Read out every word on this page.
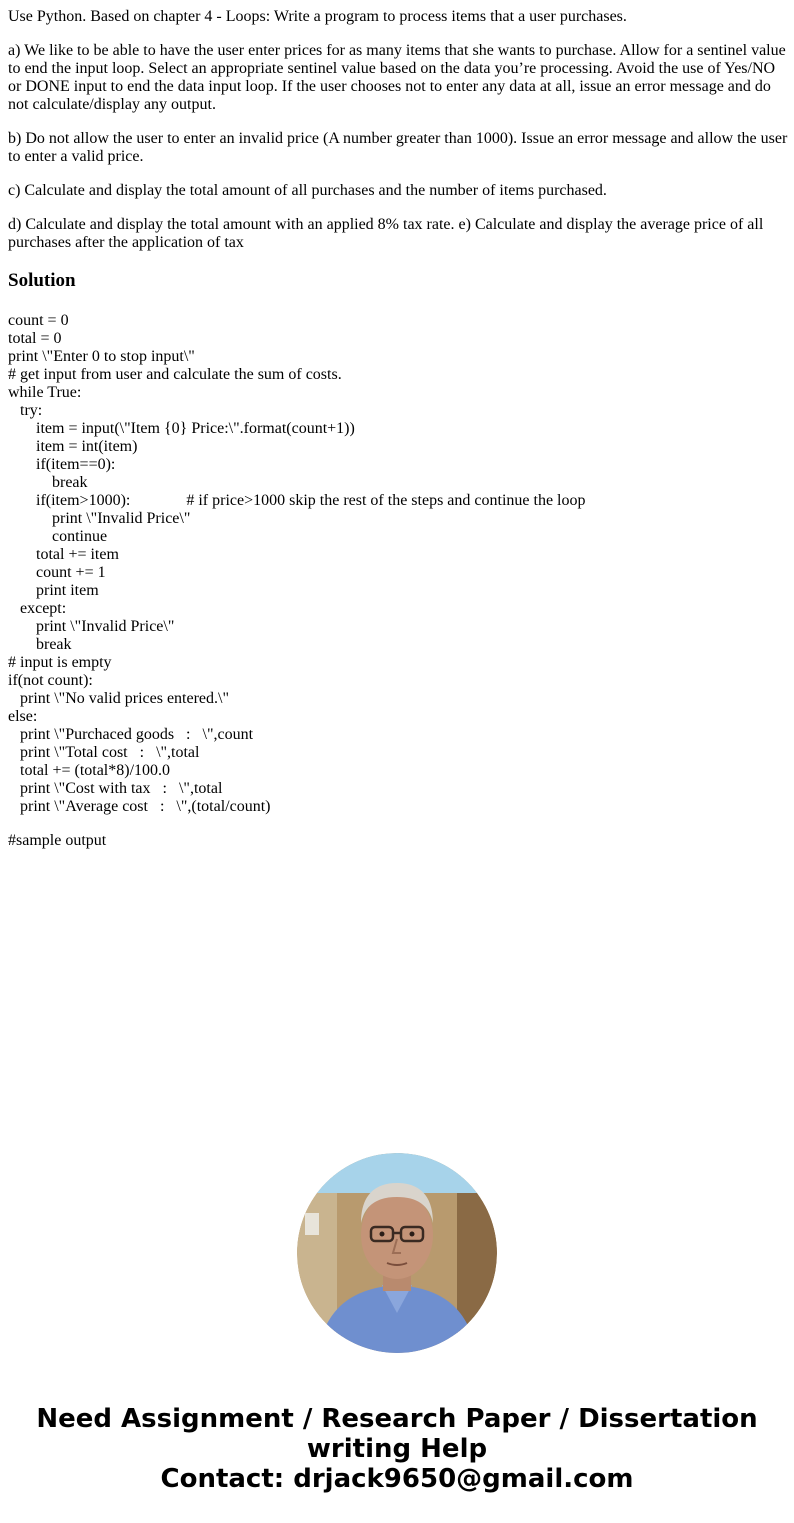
Use Python. Based on chapter 4 - Loops: Write a program to process items that a user purchases.

a) We like to be able to have the user enter prices for as many items that she wants to purchase. Allow for a sentinel value to end the input loop. Select an appropriate sentinel value based on the data you’re processing. Avoid the use of Yes/NO or DONE input to end the data input loop. If the user chooses not to enter any data at all, issue an error message and do not calculate/display any output.

b) Do not allow the user to enter an invalid price (A number greater than 1000). Issue an error message and allow the user to enter a valid price.

c) Calculate and display the total amount of all purchases and the number of items purchased.

d) Calculate and display the total amount with an applied 8% tax rate. e) Calculate and display the average price of all purchases after the application of tax

Solution
count = 0
total = 0
print \"Enter 0 to stop input\"
# get input from user and calculate the sum of costs.
while True:
try:
item = input(\"Item {0} Price:\".format(count+1))
item = int(item)
if(item==0):
break
if(item>1000):              # if price>1000 skip the rest of the steps and continue the loop
print \"Invalid Price\"
continue
total += item
count += 1
print item
except:
print \"Invalid Price\"
break
# input is empty
if(not count):
print \"No valid prices entered.\"
else:
print \"Purchaced goods   :   \",count
print \"Total cost   :   \",total
total += (total*8)/100.0
print \"Cost with tax   :   \",total
print \"Average cost   :   \",(total/count)
#sample output
Need Assignment / Research Paper / Dissertation
writing Help
Contact: drjack9650@gmail.com
